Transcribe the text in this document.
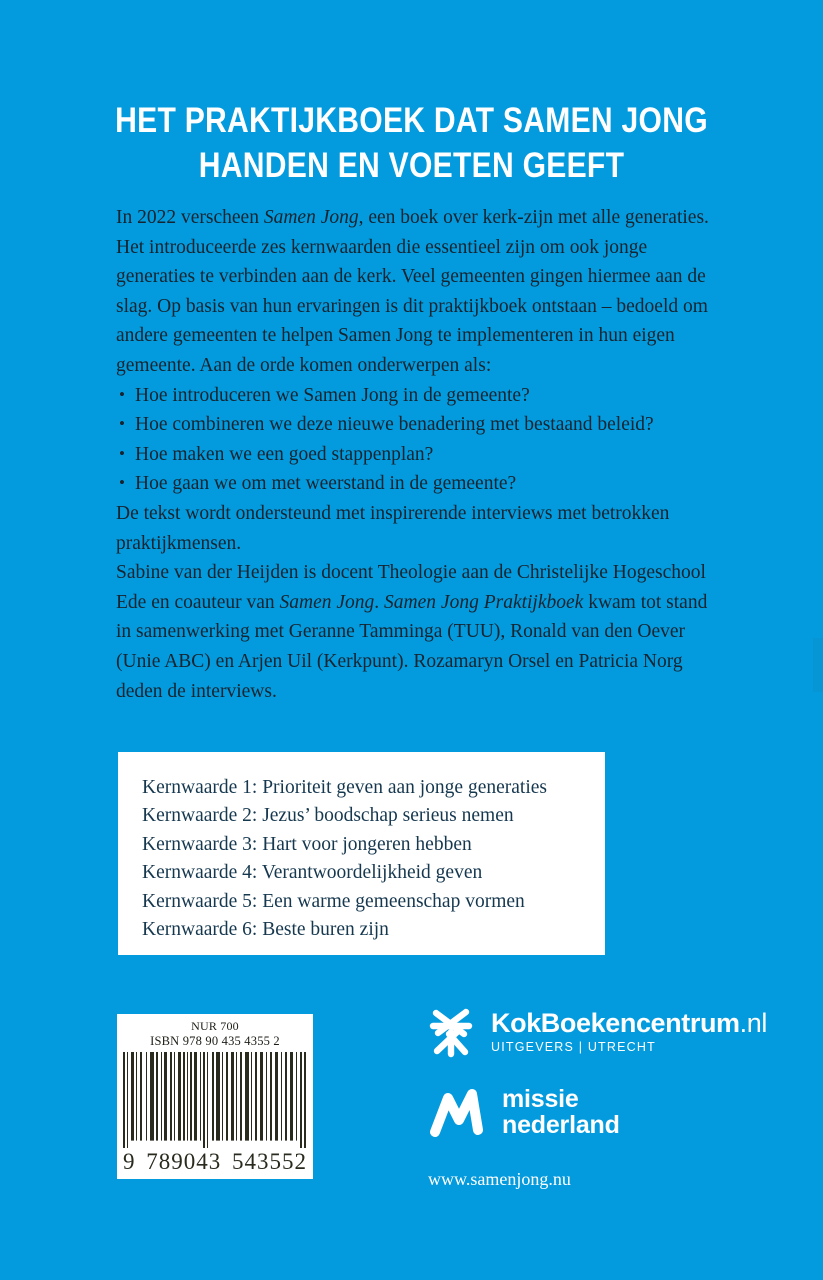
HET PRAKTIJKBOEK DAT SAMEN JONG
HANDEN EN VOETEN GEEFT

In 2022 verscheen Samen Jong, een boek over kerk-zijn met alle generaties. Het introduceerde zes kernwaarden die essentieel zijn om ook jonge generaties te verbinden aan de kerk. Veel gemeenten gingen hiermee aan de slag. Op basis van hun ervaringen is dit praktijkboek ontstaan – bedoeld om andere gemeenten te helpen Samen Jong te implementeren in hun eigen gemeente. Aan de orde komen onderwerpen als:

• Hoe introduceren we Samen Jong in de gemeente?
• Hoe combineren we deze nieuwe benadering met bestaand beleid?
• Hoe maken we een goed stappenplan?
• Hoe gaan we om met weerstand in de gemeente?

De tekst wordt ondersteund met inspirerende interviews met betrokken praktijkmensen.

Sabine van der Heijden is docent Theologie aan de Christelijke Hogeschool Ede en coauteur van Samen Jong. Samen Jong Praktijkboek kwam tot stand in samenwerking met Geranne Tamminga (TUU), Ronald van den Oever (Unie ABC) en Arjen Uil (Kerkpunt). Rozamaryn Orsel en Patricia Norg deden de interviews.

Kernwaarde 1: Prioriteit geven aan jonge generaties
Kernwaarde 2: Jezus’ boodschap serieus nemen
Kernwaarde 3: Hart voor jongeren hebben
Kernwaarde 4: Verantwoordelijkheid geven
Kernwaarde 5: Een warme gemeenschap vormen
Kernwaarde 6: Beste buren zijn
NUR 700
ISBN 978 90 435 4355 2
9 789043 543552
KokBoekencentrum.nl UITGEVERS | UTRECHT
missie
nederland
www.samenjong.nu
